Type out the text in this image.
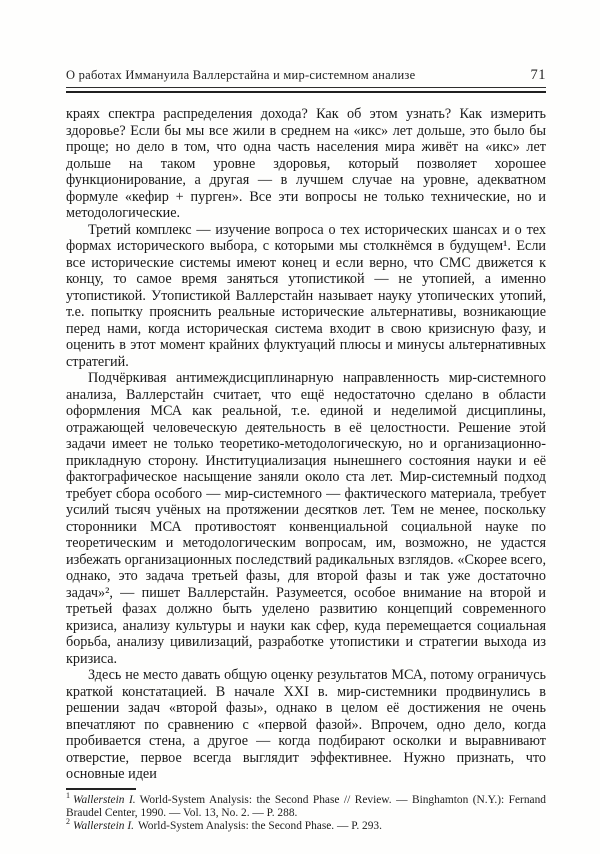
О работах Иммануила Валлерстайна и мир-системном анализе	71

краях спектра распределения дохода? Как об этом узнать? Как измерить здоровье? Если бы мы все жили в среднем на «икс» лет дольше, это было бы проще; но дело в том, что одна часть населения мира живёт на «икс» лет дольше на таком уровне здоровья, который позволяет хорошее функционирование, а другая — в лучшем случае на уровне, адекватном формуле «кефир + пурген». Все эти вопросы не только технические, но и методологические.

Третий комплекс — изучение вопроса о тех исторических шансах и о тех формах исторического выбора, с которыми мы столкнёмся в будущем¹. Если все исторические системы имеют конец и если верно, что СМС движется к концу, то самое время заняться утопистикой — не утопией, а именно утопистикой. Утопистикой Валлерстайн называет науку утопических утопий, т.е. попытку прояснить реальные исторические альтернативы, возникающие перед нами, когда историческая система входит в свою кризисную фазу, и оценить в этот момент крайних флуктуаций плюсы и минусы альтернативных стратегий.

Подчёркивая антимеждисциплинарную направленность мир-системного анализа, Валлерстайн считает, что ещё недостаточно сделано в области оформления МСА как реальной, т.е. единой и неделимой дисциплины, отражающей человеческую деятельность в её целостности. Решение этой задачи имеет не только теоретико-методологическую, но и организационно-прикладную сторону. Институциализация нынешнего состояния науки и её фактографическое насыщение заняли около ста лет. Мир-системный подход требует сбора особого — мир-системного — фактического материала, требует усилий тысяч учёных на протяжении десятков лет. Тем не менее, поскольку сторонники МСА противостоят конвенциальной социальной науке по теоретическим и методологическим вопросам, им, возможно, не удастся избежать организационных последствий радикальных взглядов. «Скорее всего, однако, это задача третьей фазы, для второй фазы и так уже достаточно задач»², — пишет Валлерстайн. Разумеется, особое внимание на второй и третьей фазах должно быть уделено развитию концепций современного кризиса, анализу культуры и науки как сфер, куда перемещается социальная борьба, анализу цивилизаций, разработке утопистики и стратегии выхода из кризиса.

Здесь не место давать общую оценку результатов МСА, потому ограничусь краткой констатацией. В начале XXI в. мир-системники продвинулись в решении задач «второй фазы», однако в целом её достижения не очень впечатляют по сравнению с «первой фазой». Впрочем, одно дело, когда пробивается стена, а другое — когда подбирают осколки и выравнивают отверстие, первое всегда выглядит эффективнее. Нужно признать, что основные идеи

$^1$ Wallerstein I. World-System Analysis: the Second Phase // Review. — Binghamton (N.Y.): Fernand Braudel Center, 1990. — Vol. 13, No. 2. — P. 288.

$^2$ Wallerstein I. World-System Analysis: the Second Phase. — P. 293.
